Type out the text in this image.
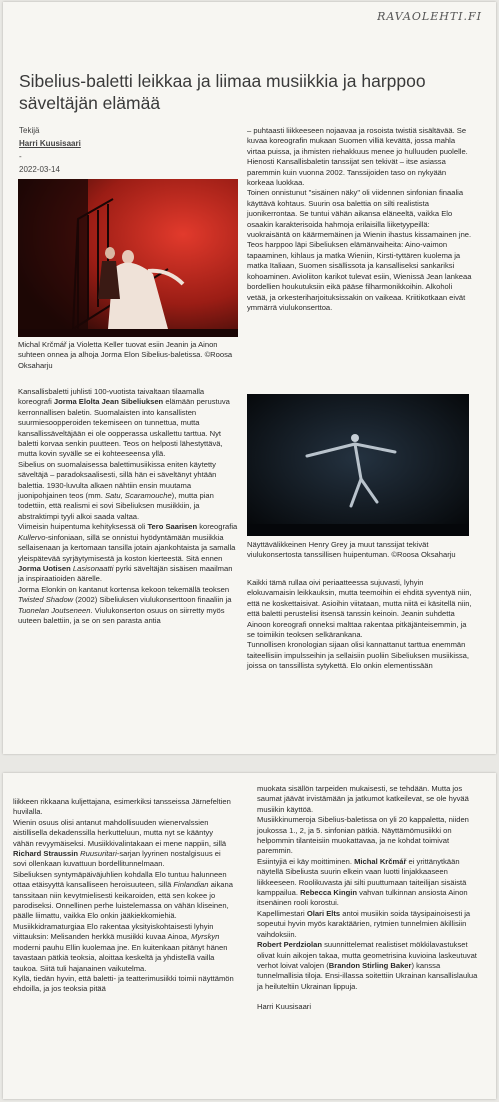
RAVAOLEHTI.FI
Sibelius-baletti leikkaa ja liimaa musiikkia ja harppoo säveltäjän elämää
Tekijä
Harri Kuusisaari
-
2022-03-14
Michal Krčmář ja Violetta Keller tuovat esiin Jeanin ja Ainon suhteen onnea ja alhoja Jorma Elon Sibelius-baletissa. ©Roosa Oksaharju

Kansallisbaletti juhlisti 100-vuotista taivaltaan tilaamalla koreografi Jorma Elolta Jean Sibeliuksen elämään perustuva kerronnallisen baletin. Suomalaisten into kansallisten suurmiesoopperoiden tekemiseen on tunnettua, mutta kansallissäveltäjään ei ole oopperassa uskallettu tarttua. Nyt baletti korvaa senkin puutteen. Teos on helposti lähestyttävä, mutta kovin syvälle se ei kohteeseensa yllä.

Sibelius on suomalaisessa balettimusiikissa eniten käytetty säveltäjä – paradoksaalisesti, sillä hän ei säveltänyt yhtään balettia. 1930-luvulta alkaen nähtiin ensin muutama juonipohjainen teos (mm. Satu, Scaramouche), mutta pian todettiin, että realismi ei sovi Sibeliuksen musiikkiin, ja abstraktimpi tyyli alkoi saada valtaa.

Viimeisin huipentuma kehityksessä oli Tero Saarisen koreografia Kullervo-sinfoniaan, sillä se onnistui hyödyntämään musiikkia sellaisenaan ja kertomaan tansilla jotain ajankohtaista ja samalla yleispätevää syrjäytymisestä ja koston kierteestä. Sitä ennen Jorma Uotisen Lasisonaatti pyrki säveltäjän sisäisen maailman ja inspiraatioiden äärelle.

Jorma Elonkin on kantanut kortensa kekoon tekemällä teoksen Twisted Shadow (2002) Sibeliuksen viulukonserttoon finaaliin ja Tuonelan Joutseneen. Viulukonserton osuus on siirretty myös uuteen balettiin, ja se on sen parasta antia

– puhtaasti liikkeeseen nojaavaa ja rosoista twistiä sisältävää. Se kuvaa koreografin mukaan Suomen villiä kevättä, jossa mahla virtaa puissa, ja ihmisten riehakkuus menee jo hulluuden puolelle.

Hienosti Kansallisbaletin tanssijat sen tekivät – itse asiassa paremmin kuin vuonna 2002. Tanssijoiden taso on nykyään korkeaa luokkaa.

Toinen onnistunut "sisäinen näky" oli viidennen sinfonian finaalia käyttävä kohtaus. Suurin osa balettia on silti realistista juonikerrontaa. Se tuntui vähän aikansa eläneeltä, vaikka Elo osaakin karakterisoida hahmoja erilaisilla liiketyypeillä: vuokraisäntä on käärmemäinen ja Wienin ihastus kissamainen jne.

Teos harppoo läpi Sibeliuksen elämänvaiheita: Aino-vaimon tapaaminen, kihlaus ja matka Wieniin, Kirsti-tyttären kuolema ja matka Italiaan, Suomen sisällissota ja kansalliseksi sankariksi kohoaminen. Avioliiton karikot tulevat esiin, Wienissä Jean lankeaa bordellien houkutuksiin eikä pääse filharmonikkoihin. Alkoholi vetää, ja orkesteriharjoituksissakin on vaikeaa. Kriitikotkaan eivät ymmärrä viulukonserttoa.

Näyttävälikkeinen Henry Grey ja muut tanssijat tekivät viulukonsertosta tanssillisen huipentuman. ©Roosa Oksaharju

Kaikki tämä rullaa oivi periaatteessa sujuvasti, lyhyin elokuvamaisin leikkauksin, mutta teemoihin ei ehditä syventyä niin, että ne koskettaisivat. Asioihin viitataan, mutta niitä ei käsitellä niin, että baletti perustelisi itsensä tanssin keinoin. Jeanin suhdetta Ainoon koreografi onneksi malttaa rakentaa pitkäjänteisemmin, ja se toimiikin teoksen selkärankana.

Tunnollisen kronologian sijaan olisi kannattanut tarttua enemmän taiteellisiin impulsseihin ja sellaisiin puoliin Sibeliuksen musiikissa, joissa on tanssillista sytykettä. Elo onkin elementissään

liikkeen rikkaana kuljettajana, esimerkiksi tansseissa Järnefeltien huvilalla.

Wienin osuus olisi antanut mahdollisuuden wienervalssien aistillisella dekadenssilla herkutteluun, mutta nyt se kääntyy vähän revyymäiseksi. Musiikkivalintakaan ei mene nappiin, sillä Richard Straussin Ruusuritari-sarjan lyyrinen nostalgisuus ei sovi ollenkaan kuvattuun bordellitunnelmaan.

Sibeliuksen syntymäpäiväjuhlien kohdalla Elo tuntuu halunneen ottaa etäisyyttä kansalliseen heroisuuteen, sillä Finlandian aikana tanssitaan niin kevytmielisesti keikaroiden, että sen kokee jo parodiseksi. Onnellinen perhe luistelemassa on vähän kliseinen, päälle liimattu, vaikka Elo onkin jääkiekkomiehiä.

Musiikkidramaturgiaa Elo rakentaa yksityiskohtaisesti lyhyin viittauksin: Melisanden herkkä musiikki kuvaa Ainoa, Myrskyn moderni pauhu Ellin kuolemaa jne. En kuitenkaan pitänyt hänen tavastaan pätkiä teoksia, aloittaa keskeltä ja yhdistellä vailla taukoa. Siitä tuli hajanainen vaikutelma.

Kyllä, tiedän hyvin, että baletti- ja teatterimusiikki toimii näyttämön ehdoilla, ja jos teoksia pitää

muokata sisällön tarpeiden mukaisesti, se tehdään. Mutta jos saumat jäävät irvistämään ja jatkumot katkeilevat, se ole hyvää musiikin käyttöä.

Musiikkinumeroja Sibelius-baletissa on yli 20 kappaletta, niiden joukossa 1., 2, ja 5. sinfonian pätkiä. Näyttämömusiikki on helpommin tilanteisiin muokattavaa, ja ne kohdat toimivat paremmin.

Esiintyjiä ei käy moittiminen. Michal Krčmář ei yrittänytkään näytellä Sibeliusta suurin elkein vaan luotti linjakkaaseen liikkeeseen. Roolikuvasta jäi silti puuttumaan taiteilijan sisäistä kamppailua. Rebecca Kingin vahvan tulkinnan ansiosta Ainon itsenäinen rooli korostui.

Kapellimestari Olari Elts antoi musiikin soida täysipainoisesti ja sopeutui hyvin myös karaktäärien, rytmien tunnelmien äkillisiin vaihdoksiin.

Robert Perdziolan suunnittelemat realistiset mökkilavastukset olivat kuin aikojen takaa, mutta geometrisina kuvioina laskeutuvat verhot loivat valojen (Brandon Stirling Baker) kanssa tunnelmallisia tiloja. Ensi-illassa soitettiin Ukrainan kansallislaulua ja heiluteltiin Ukrainan lippuja.

Harri Kuusisaari
